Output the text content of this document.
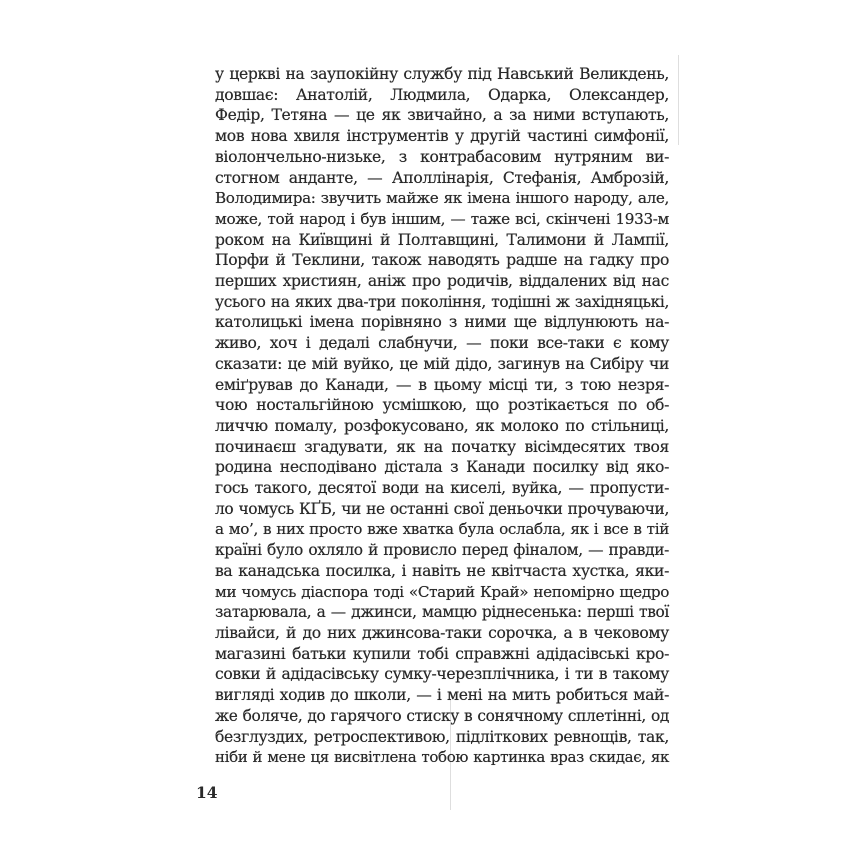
у церкві на заупокійну службу під Навський Великдень,
довшає: Анатолій, Людмила, Одарка, Олександер,
Федір, Тетяна — це як звичайно, а за ними вступають,
мов нова хвиля інструментів у другій частині симфонії,
віолончельно-низьке, з контрабасовим нутряним ви-
стогном анданте, — Аполлінарія, Стефанія, Амброзій,
Володимира: звучить майже як імена іншого народу, але,
може, той народ і був іншим, — таже всі, скінчені 1933-м
роком на Київщині й Полтавщині, Талимони й Лампії,
Порфи й Теклини, також наводять радше на гадку про
перших християн, аніж про родичів, віддалених від нас
усього на яких два-три покоління, тодішні ж західняцькі,
католицькі імена порівняно з ними ще відлунюють на-
живо, хоч і дедалі слабнучи, — поки все-таки є кому
сказати: це мій вуйко, це мій дідо, загинув на Сибіру чи
еміґрував до Канади, — в цьому місці ти, з тою незря-
чою ностальгійною усмішкою, що розтікається по об-
личчю помалу, розфокусовано, як молоко по стільниці,
починаєш згадувати, як на початку вісімдесятих твоя
родина несподівано дістала з Канади посилку від яко-
гось такого, десятої води на киселі, вуйка, — пропусти-
ло чомусь КҐБ, чи не останні свої деньочки прочуваючи,
а мо’, в них просто вже хватка була ослабла, як і все в тій
країні було охляло й провисло перед фіналом, — правди-
ва канадська посилка, і навіть не квітчаста хустка, яки-
ми чомусь діаспора тоді «Старий Край» непомірно щедро
затарювала, а — джинси, мамцю ріднесенька: перші твої
лівайси, й до них джинсова-таки сорочка, а в чековому
магазині батьки купили тобі справжні адідасівські кро-
совки й адідасівську сумку-черезплічника, і ти в такому
вигляді ходив до школи, — і мені на мить робиться май-
же боляче, до гарячого стиску в сонячному сплетінні, од
безглуздих, ретроспективою, підліткових ревнощів, так,
ніби й мене ця висвітлена тобою картинка враз скидає, як
14
